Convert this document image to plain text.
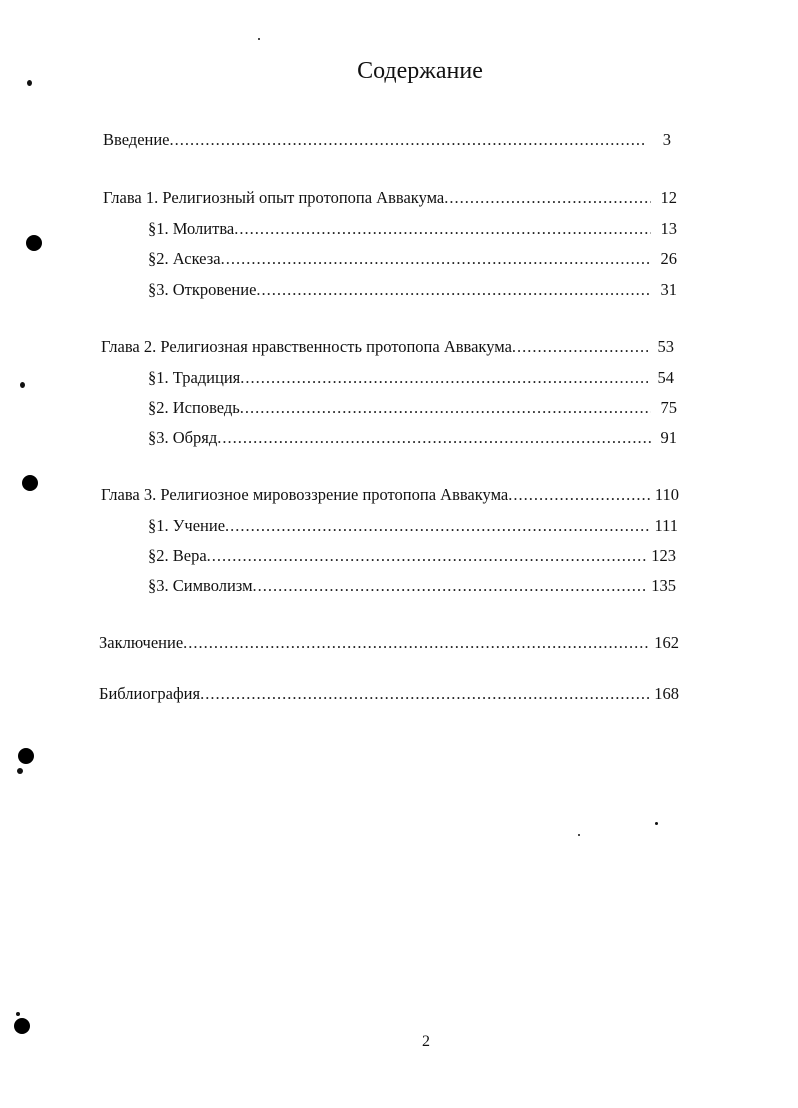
Содержание
Введение .....	3
Глава 1. Религиозный опыт протопопа Аввакума .....	12
§1. Молитва .....	13
§2. Аскеза .....	26
§3. Откровение .....	31
Глава 2. Религиозная нравственность протопопа Аввакума .....	53
§1. Традиция .....	54
§2. Исповедь .....	75
§3. Обряд .....	91
Глава 3. Религиозное мировоззрение протопопа Аввакума .....	110
§1. Учение .....	111
§2. Вера .....	123
§3. Символизм .....	135
Заключение .....	162
Библиография .....	168
2
